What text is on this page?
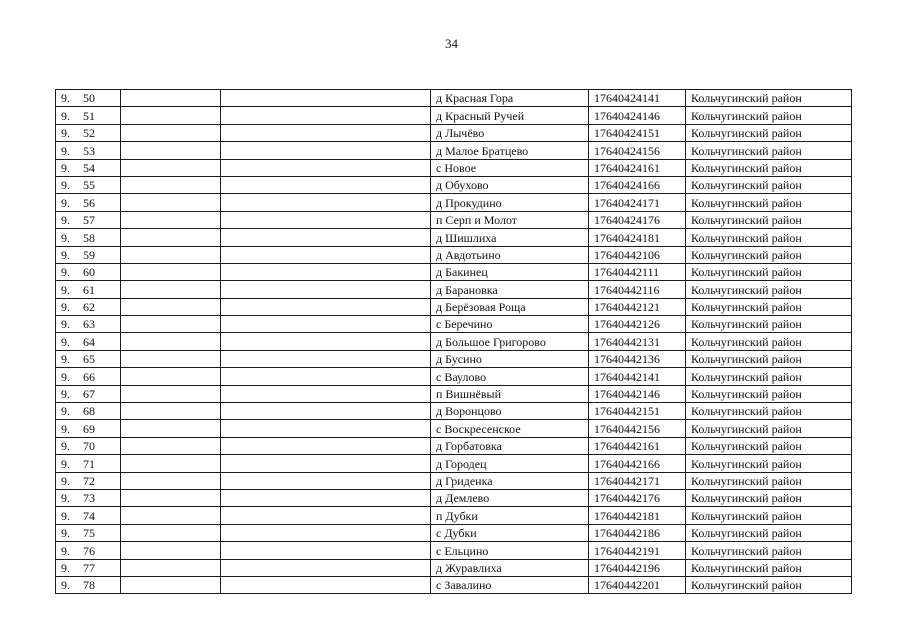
34
9. 50			д Красная Гора	17640424141	Кольчугинский район
9. 51			д Красный Ручей	17640424146	Кольчугинский район
9. 52			д Лычёво	17640424151	Кольчугинский район
9. 53			д Малое Братцево	17640424156	Кольчугинский район
9. 54			с Новое	17640424161	Кольчугинский район
9. 55			д Обухово	17640424166	Кольчугинский район
9. 56			д Прокудино	17640424171	Кольчугинский район
9. 57			п Серп и Молот	17640424176	Кольчугинский район
9. 58			д Шишлиха	17640424181	Кольчугинский район
9. 59			д Авдотьино	17640442106	Кольчугинский район
9. 60			д Бакинец	17640442111	Кольчугинский район
9. 61			д Барановка	17640442116	Кольчугинский район
9. 62			д Берёзовая Роща	17640442121	Кольчугинский район
9. 63			с Беречино	17640442126	Кольчугинский район
9. 64			д Большое Григорово	17640442131	Кольчугинский район
9. 65			д Бусино	17640442136	Кольчугинский район
9. 66			с Ваулово	17640442141	Кольчугинский район
9. 67			п Вишнёвый	17640442146	Кольчугинский район
9. 68			д Воронцово	17640442151	Кольчугинский район
9. 69			с Воскресенское	17640442156	Кольчугинский район
9. 70			д Горбатовка	17640442161	Кольчугинский район
9. 71			д Городец	17640442166	Кольчугинский район
9. 72			д Гриденка	17640442171	Кольчугинский район
9. 73			д Демлево	17640442176	Кольчугинский район
9. 74			п Дубки	17640442181	Кольчугинский район
9. 75			с Дубки	17640442186	Кольчугинский район
9. 76			с Ельцино	17640442191	Кольчугинский район
9. 77			д Журавлиха	17640442196	Кольчугинский район
9. 78			с Завалино	17640442201	Кольчугинский район
